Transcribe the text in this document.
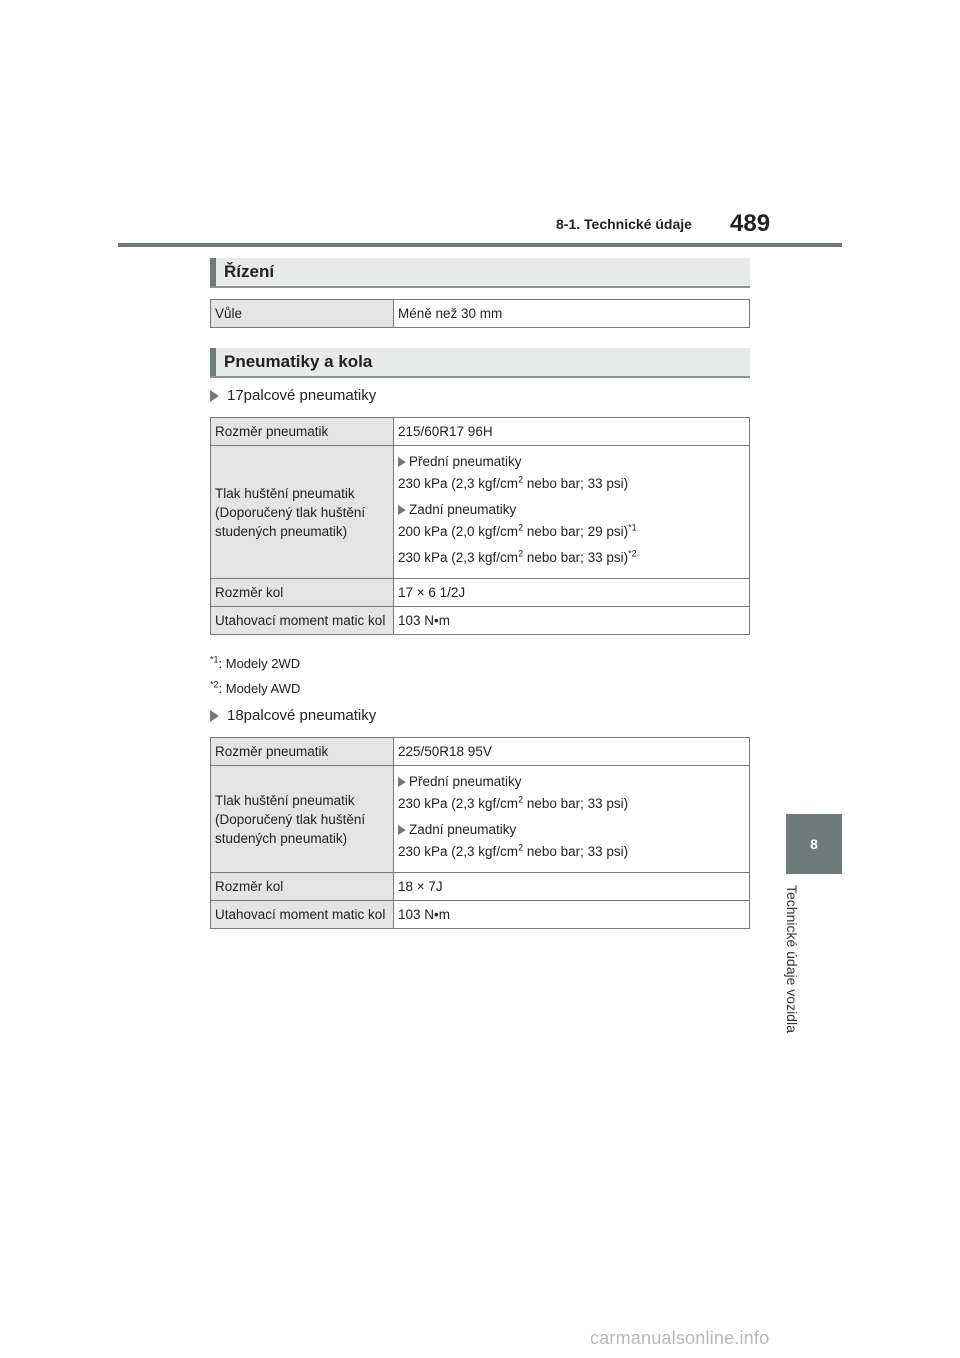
8-1. Technické údaje 489
8
Technické údaje vozidla
Řízení
Vůle	Méně než 30 mm
Pneumatiky a kola
17palcové pneumatiky
Rozměr pneumatik	215/60R17 96H
Tlak huštění pneumatik (Doporučený tlak huštění studených pneumatik)	Přední pneumatiky
230 kPa (2,3 kgf/$cm^2$ nebo bar; 33 psi)
Zadní pneumatiky
200 kPa (2,0 kgf/$cm^2$ nebo bar; 29 psi)$^{*1}$
230 kPa (2,3 kgf/$cm^2$ nebo bar; 33 psi)$^{*2}$

Rozměr kol	17 × 6 1/2J
Utahovací moment matic kol	103 N•m
$^{*1}$: Modely 2WD
$^{*2}$: Modely AWD
18palcové pneumatiky
Rozměr pneumatik	225/50R18 95V
Tlak huštění pneumatik (Doporučený tlak huštění studených pneumatik)	Přední pneumatiky
230 kPa (2,3 kgf/$cm^2$ nebo bar; 33 psi)
Zadní pneumatiky
230 kPa (2,3 kgf/$cm^2$ nebo bar; 33 psi)

Rozměr kol	18 × 7J
Utahovací moment matic kol	103 N•m
carmanualsonline.info
